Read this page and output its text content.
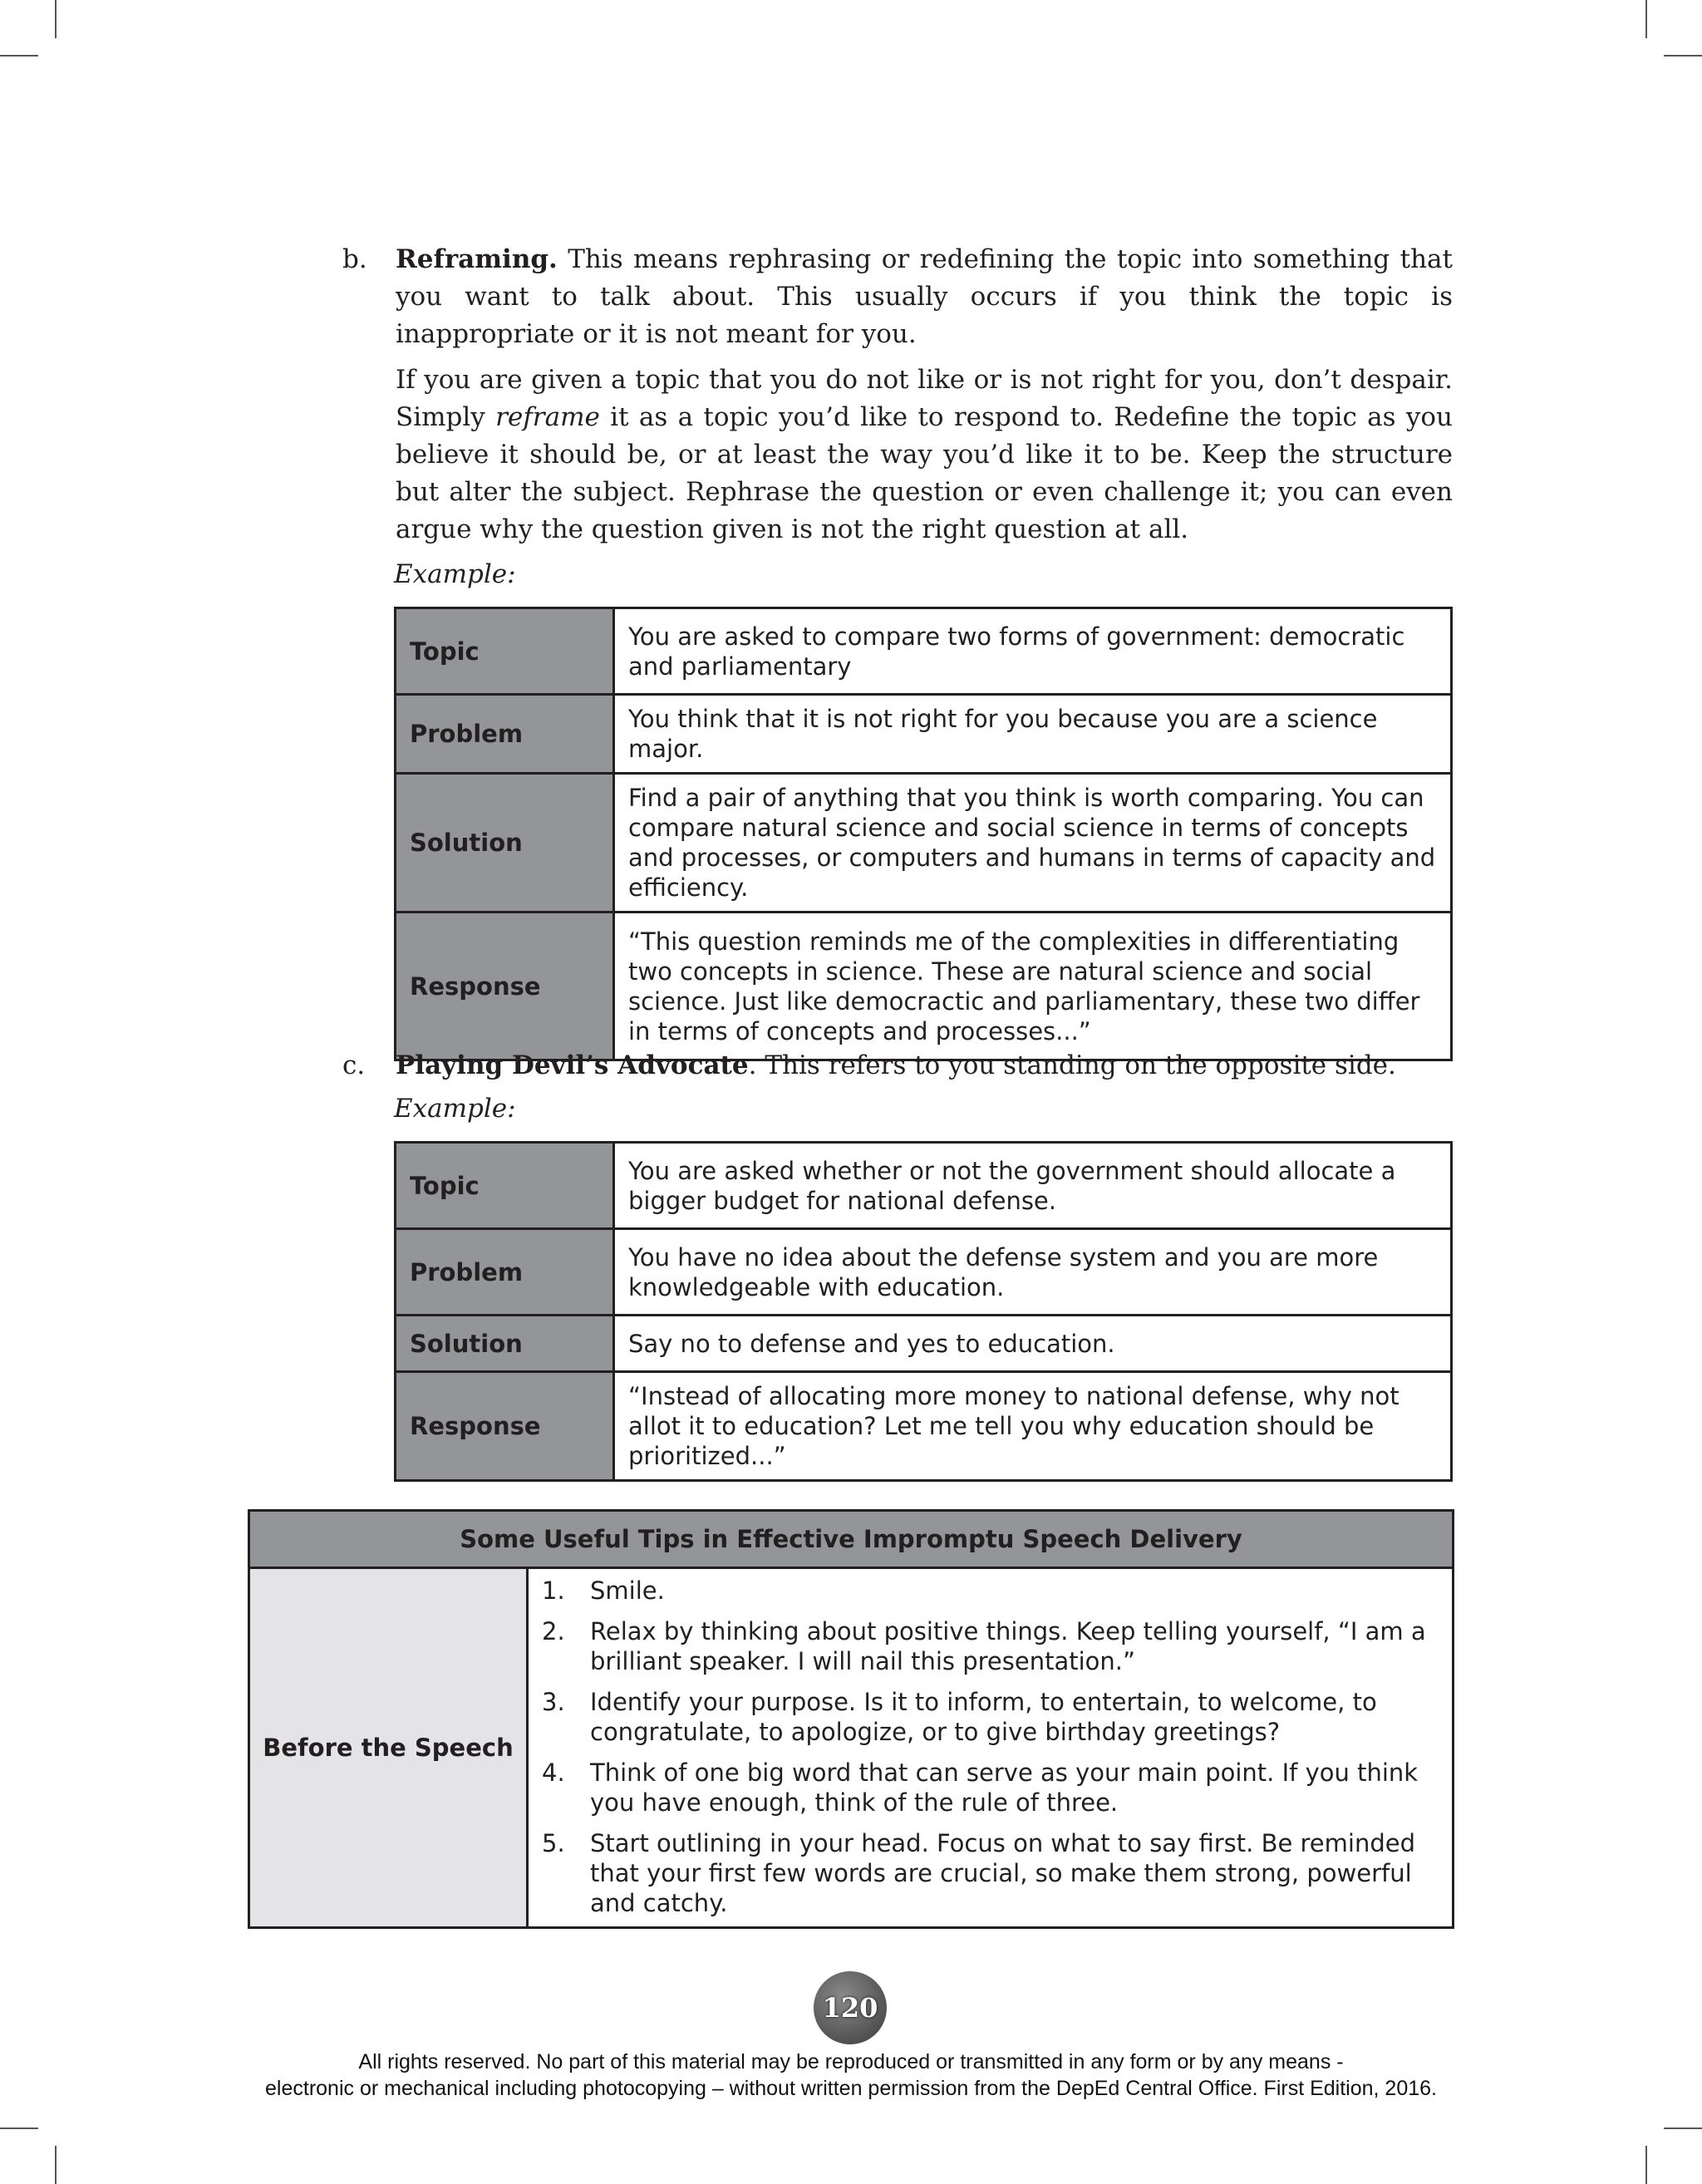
b. Reframing. This means rephrasing or redefining the topic into something that you want to talk about. This usually occurs if you think the topic is inappropriate or it is not meant for you.

If you are given a topic that you do not like or is not right for you, don’t despair. Simply reframe it as a topic you’d like to respond to. Redefine the topic as you believe it should be, or at least the way you’d like it to be. Keep the structure but alter the subject. Rephrase the question or even challenge it; you can even argue why the question given is not the right question at all.

Example:
Topic	You are asked to compare two forms of government: democratic and parliamentary
Problem	You think that it is not right for you because you are a science major.
Solution	Find a pair of anything that you think is worth comparing. You can compare natural science and social science in terms of concepts and processes, or computers and humans in terms of capacity and efficiency.
Response	“This question reminds me of the complexities in differentiating two concepts in science. These are natural science and social science. Just like democractic and parliamentary, these two differ in terms of concepts and processes...”
c. Playing Devil’s Advocate. This refers to you standing on the opposite side.

Example:
Topic	You are asked whether or not the government should allocate a bigger budget for national defense.
Problem	You have no idea about the defense system and you are more knowledgeable with education.
Solution	Say no to defense and yes to education.
Response	“Instead of allocating more money to national defense, why not allot it to education? Let me tell you why education should be prioritized...”
Some Useful Tips in Effective Impromptu Speech Delivery
Before the Speech	
1. Smile.
2. Relax by thinking about positive things. Keep telling yourself, “I am a brilliant speaker. I will nail this presentation.”
3. Identify your purpose. Is it to inform, to entertain, to welcome, to congratulate, to apologize, or to give birthday greetings?
4. Think of one big word that can serve as your main point. If you think you have enough, think of the rule of three.
5. Start outlining in your head. Focus on what to say first. Be reminded that your first few words are crucial, so make them strong, powerful and catchy.
120
All rights reserved. No part of this material may be reproduced or transmitted in any form or by any means -
electronic or mechanical including photocopying – without written permission from the DepEd Central Office. First Edition, 2016.
